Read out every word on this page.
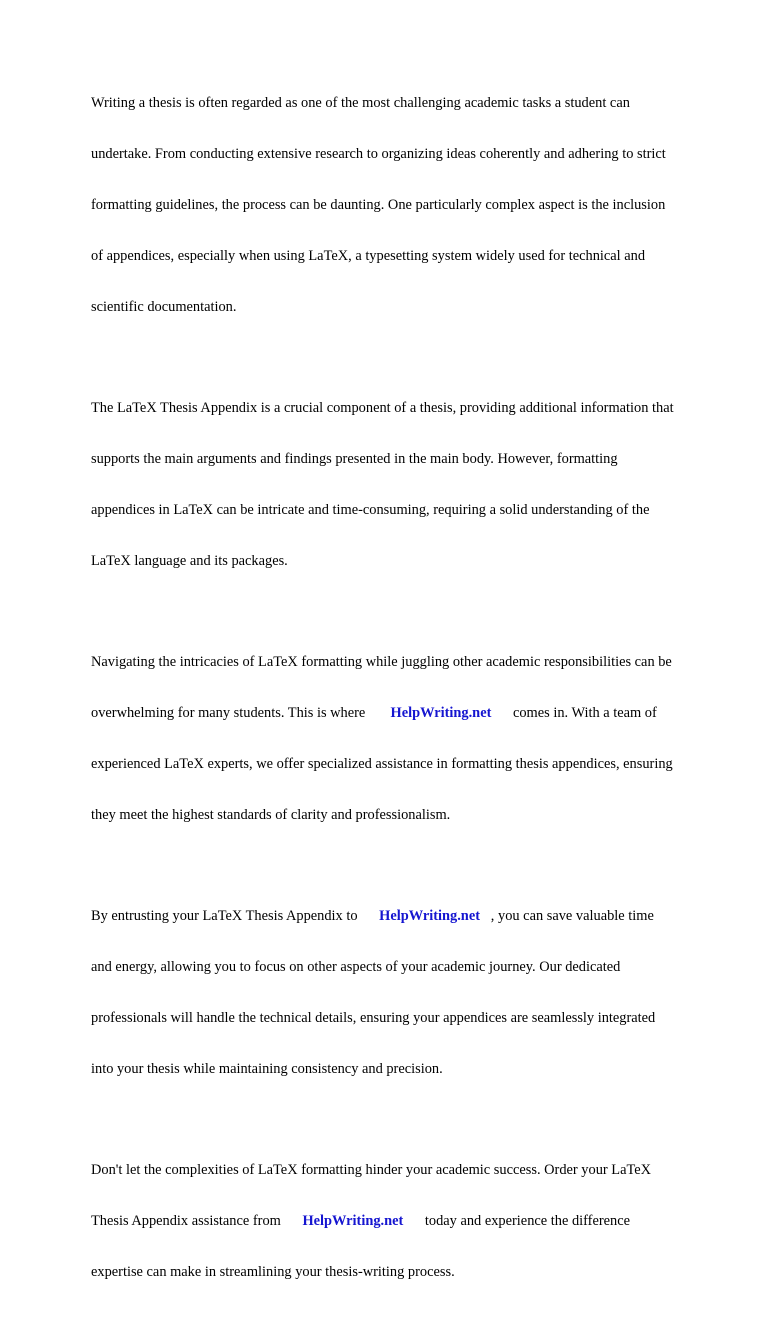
Writing a thesis is often regarded as one of the most challenging academic tasks a student can

undertake. From conducting extensive research to organizing ideas coherently and adhering to strict

formatting guidelines, the process can be daunting. One particularly complex aspect is the inclusion

of appendices, especially when using LaTeX, a typesetting system widely used for technical and

scientific documentation.

The LaTeX Thesis Appendix is a crucial component of a thesis, providing additional information that

supports the main arguments and findings presented in the main body. However, formatting

appendices in LaTeX can be intricate and time-consuming, requiring a solid understanding of the

LaTeX language and its packages.

Navigating the intricacies of LaTeX formatting while juggling other academic responsibilities can be

overwhelming for many students. This is where       HelpWriting.net      comes in. With a team of

experienced LaTeX experts, we offer specialized assistance in formatting thesis appendices, ensuring

they meet the highest standards of clarity and professionalism.

By entrusting your LaTeX Thesis Appendix to      HelpWriting.net   , you can save valuable time

and energy, allowing you to focus on other aspects of your academic journey. Our dedicated

professionals will handle the technical details, ensuring your appendices are seamlessly integrated

into your thesis while maintaining consistency and precision.

Don't let the complexities of LaTeX formatting hinder your academic success. Order your LaTeX

Thesis Appendix assistance from      HelpWriting.net      today and experience the difference

expertise can make in streamlining your thesis-writing process.
